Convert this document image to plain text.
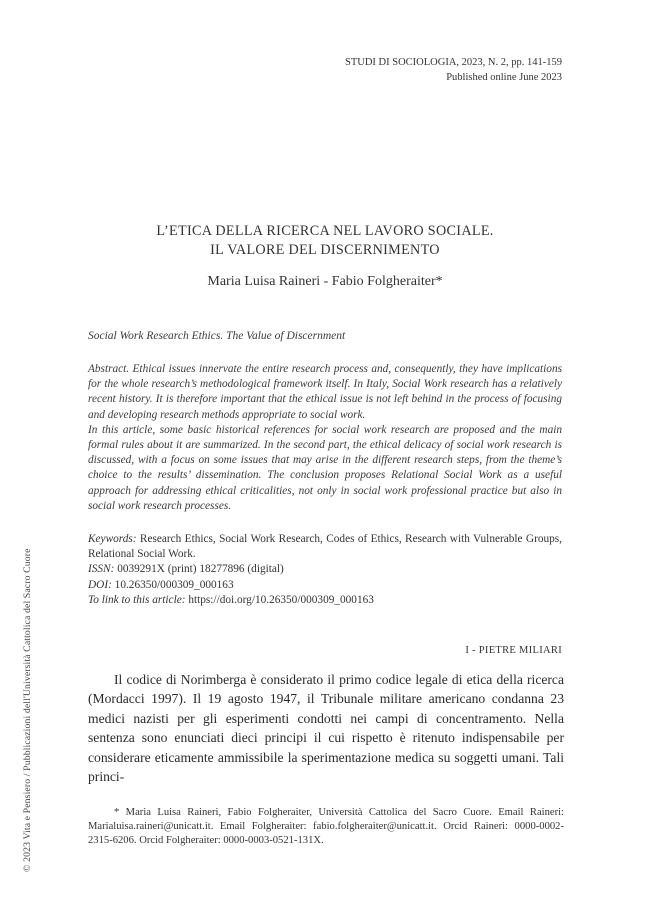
STUDI DI SOCIOLOGIA, 2023, N. 2, pp. 141-159
Published online June 2023
© 2023 Vita e Pensiero / Pubblicazioni dell'Università Cattolica del Sacro Cuore
L’ETICA DELLA RICERCA NEL LAVORO SOCIALE.
IL VALORE DEL DISCERNIMENTO
Maria Luisa Raineri - Fabio Folgheraiter*
Social Work Research Ethics. The Value of Discernment

Abstract. Ethical issues innervate the entire research process and, consequently, they have implications for the whole research’s methodological framework itself. In Italy, Social Work research has a relatively recent history. It is therefore important that the ethical issue is not left behind in the process of focusing and developing research methods appropriate to social work.

In this article, some basic historical references for social work research are proposed and the main formal rules about it are summarized. In the second part, the ethical delicacy of social work research is discussed, with a focus on some issues that may arise in the different research steps, from the theme’s choice to the results’ dissemination. The conclusion proposes Relational Social Work as a useful approach for addressing ethical criticalities, not only in social work professional practice but also in social work research processes.

Keywords: Research Ethics, Social Work Research, Codes of Ethics, Research with Vulnerable Groups, Relational Social Work.
ISSN: 0039291X (print) 18277896 (digital)
DOI: 10.26350/000309_000163
To link to this article: https://doi.org/10.26350/000309_000163
I - PIETRE MILIARI

Il codice di Norimberga è considerato il primo codice legale di etica della ricerca (Mordacci 1997). Il 19 agosto 1947, il Tribunale militare americano condanna 23 medici nazisti per gli esperimenti condotti nei campi di concentramento. Nella sentenza sono enunciati dieci principi il cui rispetto è ritenuto indispensabile per considerare eticamente ammissibile la sperimentazione medica su soggetti umani. Tali princi-

* Maria Luisa Raineri, Fabio Folgheraiter, Università Cattolica del Sacro Cuore. Email Raineri: Marialuisa.raineri@unicatt.it. Email Folgheraiter: fabio.folgheraiter@unicatt.it. Orcid Raineri: 0000-0002-2315-6206. Orcid Folgheraiter: 0000-0003-0521-131X.
